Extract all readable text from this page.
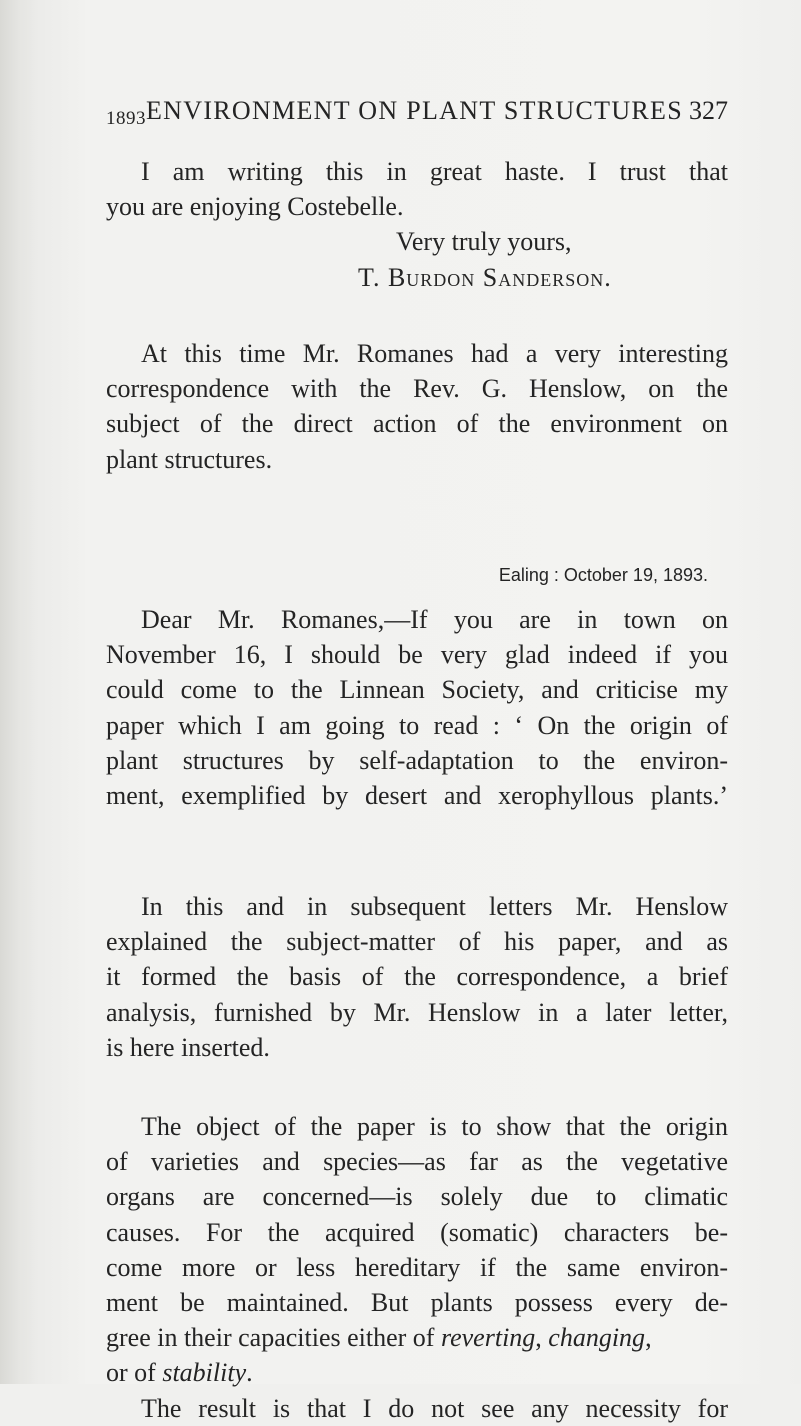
1893 ENVIRONMENT ON PLANT STRUCTURES 327
I am writing this in great haste. I trust that
you are enjoying Costebelle.
Very truly yours,
T. Burdon Sanderson.
At this time Mr. Romanes had a very interesting
correspondence with the Rev. G. Henslow, on the
subject of the direct action of the environment on
plant structures.
Ealing : October 19, 1893.
Dear Mr. Romanes,—If you are in town on
November 16, I should be very glad indeed if you
could come to the Linnean Society, and criticise my
paper which I am going to read : ‘ On the origin of
plant structures by self-adaptation to the environ-
ment, exemplified by desert and xerophyllous plants.’
In this and in subsequent letters Mr. Henslow
explained the subject-matter of his paper, and as
it formed the basis of the correspondence, a brief
analysis, furnished by Mr. Henslow in a later letter,
is here inserted.
The object of the paper is to show that the origin
of varieties and species—as far as the vegetative
organs are concerned—is solely due to climatic
causes. For the acquired (somatic) characters be-
come more or less hereditary if the same environ-
ment be maintained. But plants possess every de-
gree in their capacities either of reverting, changing,
or of stability.
The result is that I do not see any necessity for
